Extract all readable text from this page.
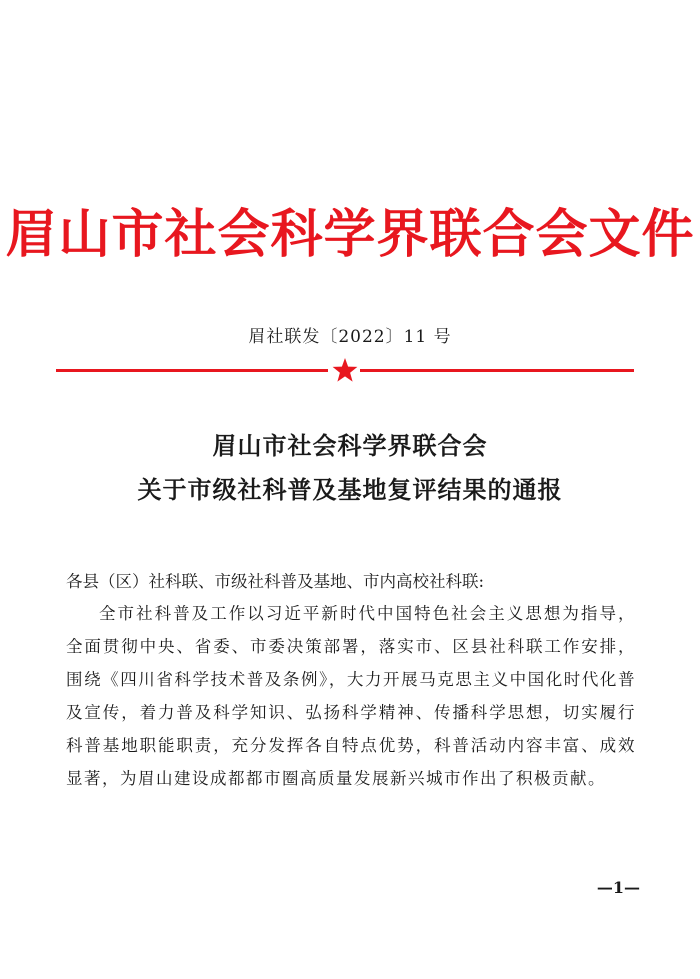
眉山市社会科学界联合会文件
眉社联发〔2022〕11 号
眉山市社会科学界联合会
关于市级社科普及基地复评结果的通报
各县（区）社科联、市级社科普及基地、市内高校社科联:
全市社科普及工作以习近平新时代中国特色社会主义思想为指导，全面贯彻中央、省委、市委决策部署，落实市、区县社科联工作安排，围绕《四川省科学技术普及条例》，大力开展马克思主义中国化时代化普及宣传，着力普及科学知识、弘扬科学精神、传播科学思想，切实履行科普基地职能职责，充分发挥各自特点优势，科普活动内容丰富、成效显著，为眉山建设成都都市圈高质量发展新兴城市作出了积极贡献。
—1—
